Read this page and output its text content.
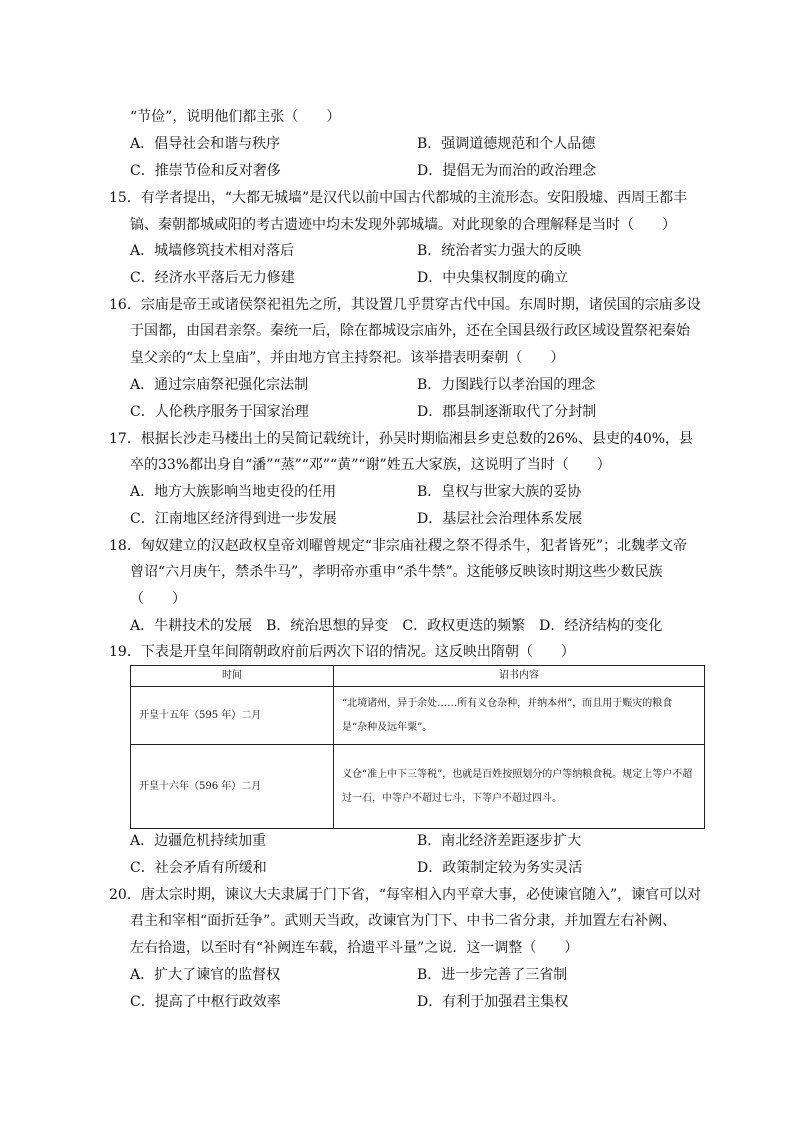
“节俭”，说明他们都主张（　　）
A．倡导社会和谐与秩序	B．强调道德规范和个人品德
C．推崇节俭和反对奢侈	D．提倡无为而治的政治理念
15．有学者提出，“大都无城墙”是汉代以前中国古代都城的主流形态。安阳殷墟、西周王都丰
镐、秦朝都城咸阳的考古遗迹中均未发现外郭城墙。对此现象的合理解释是当时（　　）
A．城墙修筑技术相对落后	B．统治者实力强大的反映
C．经济水平落后无力修建	D．中央集权制度的确立
16．宗庙是帝王或诸侯祭祀祖先之所，其设置几乎贯穿古代中国。东周时期，诸侯国的宗庙多设
于国都，由国君亲祭。秦统一后，除在都城设宗庙外，还在全国县级行政区域设置祭祀秦始
皇父亲的“太上皇庙”，并由地方官主持祭祀。该举措表明秦朝（　　）
A．通过宗庙祭祀强化宗法制	B．力图践行以孝治国的理念
C．人伦秩序服务于国家治理	D．郡县制逐渐取代了分封制
17．根据长沙走马楼出土的吴简记载统计，孙吴时期临湘县乡吏总数的26%、县吏的40%，县
卒的33%都出身自“潘”“蒸”“邓”“黄”“谢”姓五大家族，这说明了当时（　　）
A．地方大族影响当地吏役的任用	B．皇权与世家大族的妥协
C．江南地区经济得到进一步发展	D．基层社会治理体系发展
18．匈奴建立的汉赵政权皇帝刘曜曾规定“非宗庙社稷之祭不得杀牛，犯者皆死”；北魏孝文帝
曾诏“六月庚午，禁杀牛马”，孝明帝亦重申“杀牛禁”。这能够反映该时期这些少数民族
（　　）
A．牛耕技术的发展 B．统治思想的异变 C．政权更迭的频繁 D．经济结构的变化
19．下表是开皇年间隋朝政府前后两次下诏的情况。这反映出隋朝（　　）
时间	诏书内容
开皇十五年（595 年）二月	“北境诸州，异于余处……所有义仓杂种，并纳本州”，而且用于赈灾的粮食是“杂种及远年粟”。
开皇十六年（596 年）二月	义仓“准上中下三等税”，也就是百姓按照划分的户等纳粮食税。规定上等户不超过一石，中等户不超过七斗，下等户不超过四斗。
A．边疆危机持续加重	B．南北经济差距逐步扩大
C．社会矛盾有所缓和	D．政策制定较为务实灵活
20．唐太宗时期，谏议大夫隶属于门下省，“每宰相入内平章大事，必使谏官随入”，谏官可以对
君主和宰相“面折廷争”。武则天当政，改谏官为门下、中书二省分隶，并加置左右补阙、
左右拾遗，以至时有“补阙连车载，拾遗平斗量”之说．这一调整（　　）
A．扩大了谏官的监督权	B．进一步完善了三省制
C．提高了中枢行政效率	D．有利于加强君主集权
